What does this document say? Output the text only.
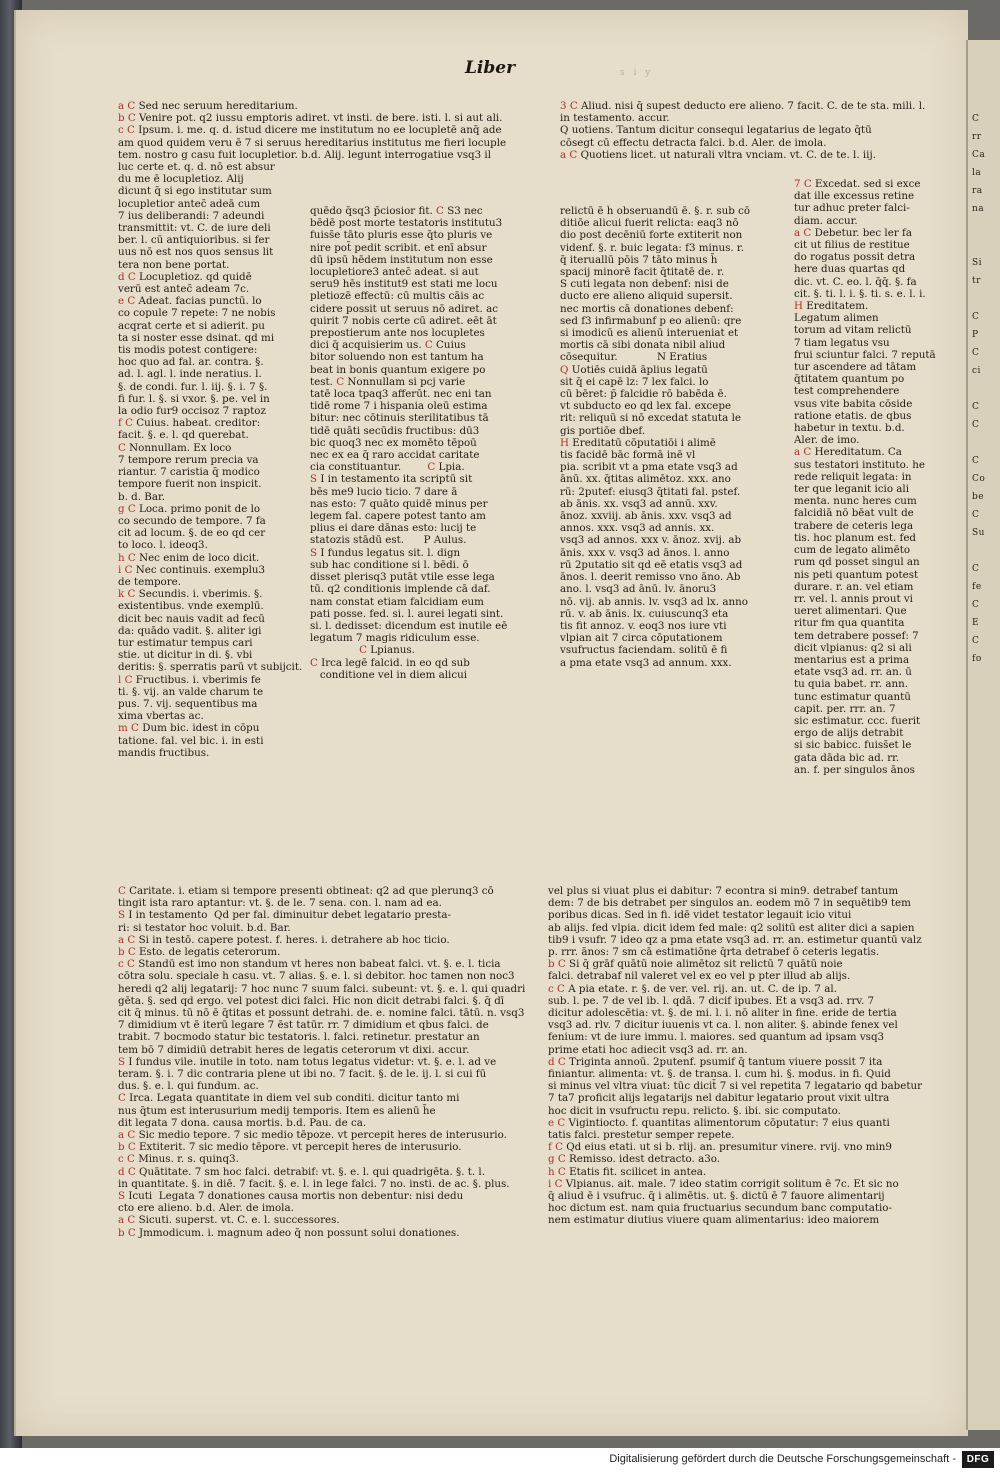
C
rr
Ca
la
ra
na

Si
tr

C
P
C
ci

C
C

C
Co
be
C
Su

C
fe
C
E
C
fo
Liber	s i y
a C Sed nec seruum hereditarium.
b C Venire pot. q2 iussu emptoris adiret. vt insti. de bere. isti. l. si aut ali.
c C Ipsum. i. me. q. d. istud dicere me institutum no ee locupletē anq̄ ade
am quod quidem veru ē 7 si seruus hereditarius institutus me fieri locuple
tem. nostro g casu fuit locupletior. b.d. Alij. legunt interrogatiue vsq3 il
luc certe et. q. d. nō est absur
du me ē locupletioz. Alij
dicunt q̄ si ego institutar sum
locupletior antec̄ adeā cum
7 ius deliberandi: 7 adeundi
transmittit: vt. C. de iure deli
ber. l. cū antiquioribus. si fer
uus nō est nos quos sensus lit
tera non bene portat.
d C Locupletioz. qd quidē
verū est antec̄ adeam 7c.
e C Adeat. facias punctū. lo
co copule 7 repete: 7 ne nobis
acqrat certe et si adierit. pu
ta si noster esse dsinat. qd mi
tis modis potest contigere:
hoc quo ad fal. ar. contra. §.
ad. l. agl. l. inde neratius. l.
§. de condi. fur. l. iij. §. i. 7 §.
fi fur. l. §. si vxor. §. pe. vel in
la odio fur9 occisoz 7 raptoz
f C Cuius. habeat. creditor:
facit. §. e. l. qd querebat.
C Nonnullam. Ex loco
7 tempore rerum precia va
riantur. 7 caristia q̄ modico
tempore fuerit non inspicit.
b. d. Bar.
g C Loca. primo ponit de lo
co secundo de tempore. 7 fa
cit ad locum. §. de eo qd cer
to loco. l. ideoq3.
h C Nec enim de loco dicit.
i C Nec continuis. exemplu3
de tempore.
k C Secundis. i. vberimis. §.
existentibus. vnde exemplū.
dicit bec nauis vadit ad fecū
da: quādo vadit. §. aliter igi
tur estimatur tempus cari
stie. ut dicitur in di. §. vbi
deritis: §. sperratis parū vt subijcit.
l C Fructibus. i. vberimis fe
ti. §. vij. an valde charum te
pus. 7. vij. sequentibus ma
xima vbertas ac.
m C Dum bic. idest in cōpu
tatione. fal. vel bic. i. in esti
mandis fructibus.
quēdo q̄sq3 p̄ciosior fit. C S3 nec
bēdē post morte testatoris institutu3
fuiss̄e tāto pluris esse q̄to pluris ve
nire pot̄ pedit scribit. et enī absur
dū ipsū hēdem institutum non esse
locupletiore3 antec̄ adeat. si aut
seru9 hēs institut9 est stati me locu
pletiozē effectū: cū multis cāis ac
cidere possit ut seruus nō adiret. ac
quirit 7 nobis certe cū adiret. eēt āt
prepostierum ante nos locupletes
dici q̄ acquisierim us. C Cuius
bitor soluendo non est tantum ha
beat in bonis quantum exigere po
test. C Nonnullam si pcj varie
tatē loca tpaq3 afferūt. nec eni tan
tidē rome 7 i hispania oleū estima
bitur: nec cōtinuis sterilitatibus tā
tidē quāti secūdis fructibus: dū3
bic quoq3 nec ex momēto tēpoū
nec ex ea q̄ raro accidat caritate
cia constituantur.        C Lpia.
S I in testamento ita scriptū sit
bēs me9 lucio ticio. 7 dare ā
nas esto: 7 quāto quidē minus per
legem fal. capere potest tanto am
plius ei dare dānas esto: lucij te
statozis stādū est.      P Aulus.
S I fundus legatus sit. l. dign
sub hac conditione si l. bēdi. ō
disset plerisq3 putāt vtile esse lega
tū. q2 conditionis implende cā daf.
nam constat etiam falcidiam eum
pati posse. fed. si. l. aurei legati sint.
si. l. dedisset: dicendum est inutile eē
legatum 7 magis ridiculum esse.
C Lpianus.
C Irca legē falcid. in eo qd sub
conditione vel in diem alicui
3 C Aliud. nisi q̄ supest deducto ere alieno. 7 facit. C. de te sta. mili. l.
in testamento. accur.
Q uotiens. Tantum dicitur consequi legatarius de legato q̄tū
cōsegt cū effectu detracta falci. b.d. Aler. de imola.
a C Quotiens licet. ut naturali vltra vnciam. vt. C. de te. l. iij.
relictū ē h̄ obseruandū ē. §. r. sub cō
ditiōe alicui fuerit relicta: eaq3 nō
dio post decēniū forte extiterit non
videnf. §. r. buic legata: f3 minus. r.
q̄ iteruallū pōis 7 tāto minus h̄
spacij minorē facit q̄titatē de. r.
S cuti legata non debenf: nisi de
ducto ere alieno aliquid supersit.
nec mortis cā donationes debenf:
sed f3 infirmabunf p eo alienū: qre
si imodicū es alienū interueniat et
mortis cā sibi donata nibil aliud
cōsequitur.            N Eratius
Q Uotiēs cuidā āplius legatū
sit q̄ ei capē lz: 7 lex falci. lo
cū bēret: p̄ falcidie rō babēda ē.
vt subducto eo qd lex fal. excepe
rit: reliquū si nō excedat statuta le
gis portiōe dbef.
H Ereditatū cōputatiōi i alimē
tis facidē bāc formā inē vl
pia. scribit vt a pma etate vsq3 ad
ānū. xx. q̄titas alimētoz. xxx. ano
rū: 2putef: eiusq3 q̄titati fal. pstef.
ab ānis. xx. vsq3 ad annū. xxv.
ānoz. xxviij. ab ānis. xxv. vsq3 ad
annos. xxx. vsq3 ad annis. xx.
vsq3 ad annos. xxx v. ānoz. xvij. ab
ānis. xxx v. vsq3 ad ānos. l. anno
rū 2putatio sit qd eē etatis vsq3 ad
ānos. l. deerit remisso vno āno. Ab
ano. l. vsq3 ad ānū. lv. ānoru3
nō. vij. ab annis. lv. vsq3 ad lx. anno
rū. v. ab ānis. lx. cuiuscunq3 eta
tis fit annoz. v. eoq3 nos iure vti
vlpian ait 7 circa cōputationem
vsufructus faciendam. solitū ē fi
a pma etate vsq3 ad annum. xxx.
7 C Excedat. sed si exce
dat ille excessus retine
tur adhuc preter falci-
diam. accur.
a C Debetur. bec ler fa
cit ut filius de restitue
do rogatus possit detra
here duas quartas qd
dic. vt. C. eo. l. q̄q̄. §. fa
cit. §. ti. l. i. §. ti. s. e. l. i.
H Ereditatem.
Legatum alimen
torum ad vitam relictū
7 tiam legatus vsu
frui sciuntur falci. 7 reputā
tur ascendere ad tātam
q̄titatem quantum po
test comprehendere
vsus vite babita cōside
ratione etatis. de qbus
habetur in textu. b.d.
Aler. de imo.
a C Hereditatum. Ca
sus testatori instituto. he
rede reliquit legata: in
ter que leganit icio ali
menta. nunc heres cum
falcidiā nō bēat vult de
trabere de ceteris lega
tis. hoc planum est. fed
cum de legato alimēto
rum qd posset singul an
nis peti quantum potest
durare. r. an. vel etiam
rr. vel. l. annis prout vi
ueret alimentari. Que
ritur fm qua quantita
tem detrabere possef: 7
dicit vlpianus: q2 si ali
mentarius est a prima
etate vsq3 ad. rr. an. ū
tu quia babet. rr. ann.
tunc estimatur quantū
capit. per. rrr. an. 7
sic estimatur. ccc. fuerit
ergo de alijs detrabit
si sic babicc. fuiss̄et le
gata dāda bic ad. rr.
an. f. per singulos ānos
C Caritate. i. etiam si tempore presenti obtineat: q2 ad que plerunq3 cō
tingit ista raro aptantur: vt. §. de le. 7 sena. con. l. nam ad ea.
S I in testamento  Qd per fal. diminuitur debet legatario presta-
ri: si testator hoc voluit. b.d. Bar.
a C Si in testō. capere potest. f. heres. i. detrahere ab hoc ticio.
b C Esto. de legatis ceterorum.
c C Standū est imo non standum vt heres non babeat falci. vt. §. e. l. ticia
cōtra solu. speciale h casu. vt. 7 alias. §. e. l. si debitor. hoc tamen non noc3
heredi q2 alij legatarij: 7 hoc nunc 7 suum falci. subeunt: vt. §. e. l. qui quadri
gēta. §. sed qd ergo. vel potest dici falci. Hic non dicit detrabi falci. §. q̄ dī
cit q̄ minus. tū nō ē q̄titas et possunt detrahi. de. e. nomine falci. tātū. n. vsq3
7 dimidium vt ē iterū legare 7 ēst tatūr. rr. 7 dimidium et qbus falci. de
trabit. 7 bocmodo statur bic testatoris. l. falci. retinetur. prestatur an
tem bō 7 dimidiū detrabit heres de legatis ceterorum vt dixi. accur.
S I fundus vile. inutile in toto. nam totus legatus videtur: vt. §. e. l. ad ve
teram. §. i. 7 dic contraria plene ut ibi no. 7 facit. §. de le. ij. l. si cui fū
dus. §. e. l. qui fundum. ac.
C Irca. Legata quantitate in diem vel sub conditi. dicitur tanto mi
nus q̄tum est interusurium medij temporis. Item es alienū h̄e
dit legata 7 dona. causa mortis. b.d. Pau. de ca.
a C Sic medio tepore. 7 sic medio tēpoze. vt percepit heres de interusurio.
b C Extiterit. 7 sic medio tēpore. vt percepit heres de interusurio.
c C Minus. r. s. quinq3.
d C Quātitate. 7 sm hoc falci. detrabif: vt. §. e. l. qui quadrigēta. §. t. l.
in quantitate. §. in diē. 7 facit. §. e. l. in lege falci. 7 no. insti. de ac. §. plus.
S Icuti  Legata 7 donationes causa mortis non debentur: nisi dedu
cto ere alieno. b.d. Aler. de imola.
a C Sicuti. superst. vt. C. e. l. successores.
b C Jmmodicum. i. magnum adeo q̄ non possunt solui donationes.
vel plus si viuat plus ei dabitur: 7 econtra si min9. detrabef tantum
dem: 7 de bis detrabet per singulos an. eodem mō 7 in sequētib9 tem
poribus dicas. Sed in fi. idē videt testator legauit icio vitui
ab alijs. fed vlpia. dicit idem fed male: q2 solitū est aliter dici a sapien
tib9 i vsufr. 7 ideo qz a pma etate vsq3 ad. rr. an. estimetur quantū valz
p. rrr. ānos: 7 sm cā estimatiōne q̄rta detrabef ō ceteris legatis.
b C Si q̄ grāf quātū noie alimētoz sit relictū 7 quātū noie
falci. detrabaf nil valeret vel ex eo vel p pter illud ab alijs.
c C A pia etate. r. §. de ver. vel. rij. an. ut. C. de ip. 7 al.
sub. l. pe. 7 de vel ib. l. qdā. 7 dicif ipubes. Et a vsq3 ad. rrv. 7
dicitur adolescētia: vt. §. de mi. l. i. nō aliter in fine. eride de tertia
vsq3 ad. rlv. 7 dicitur iuuenis vt ca. l. non aliter. §. abinde fenex vel
fenium: vt de iure immu. l. maiores. sed quantum ad ipsam vsq3
prime etati hoc adiecit vsq3 ad. rr. an.
d C Triginta annoū. 2putenf. psumif q̄ tantum viuere possit 7 ita
finiantur. alimenta: vt. §. de transa. l. cum hi. §. modus. in fi. Quid
si minus vel vltra viuat: tūc dicit̄ 7 si vel repetita 7 legatario qd babetur
7 ta7 proficit alijs legatarijs nel dabitur legatario prout vixit ultra
hoc dicit in vsufructu repu. relicto. §. ibi. sic computato.
e C Vigintiocto. f. quantitas alimentorum cōputatur: 7 eius quanti
tatis falci. prestetur semper repete.
f C Qd eius etati. ut si b. rlij. an. presumitur vinere. rvij. vno min9
g C Remisso. idest detracto. a3o.
h C Etatis fit. scilicet in antea.
i C Vlpianus. ait. male. 7 ideo statim corrigit solitum ē 7c. Et sic no
q̄ aliud ē i vsufruc. q̄ i alimētis. ut. §. dictū ē 7 fauore alimentarij
hoc dictum est. nam quia fructuarius secundum banc computatio-
nem estimatur diutius viuere quam alimentarius: ideo maiorem
Digitalisierung gefördert durch die Deutsche Forschungsgemeinschaft -	DFG
